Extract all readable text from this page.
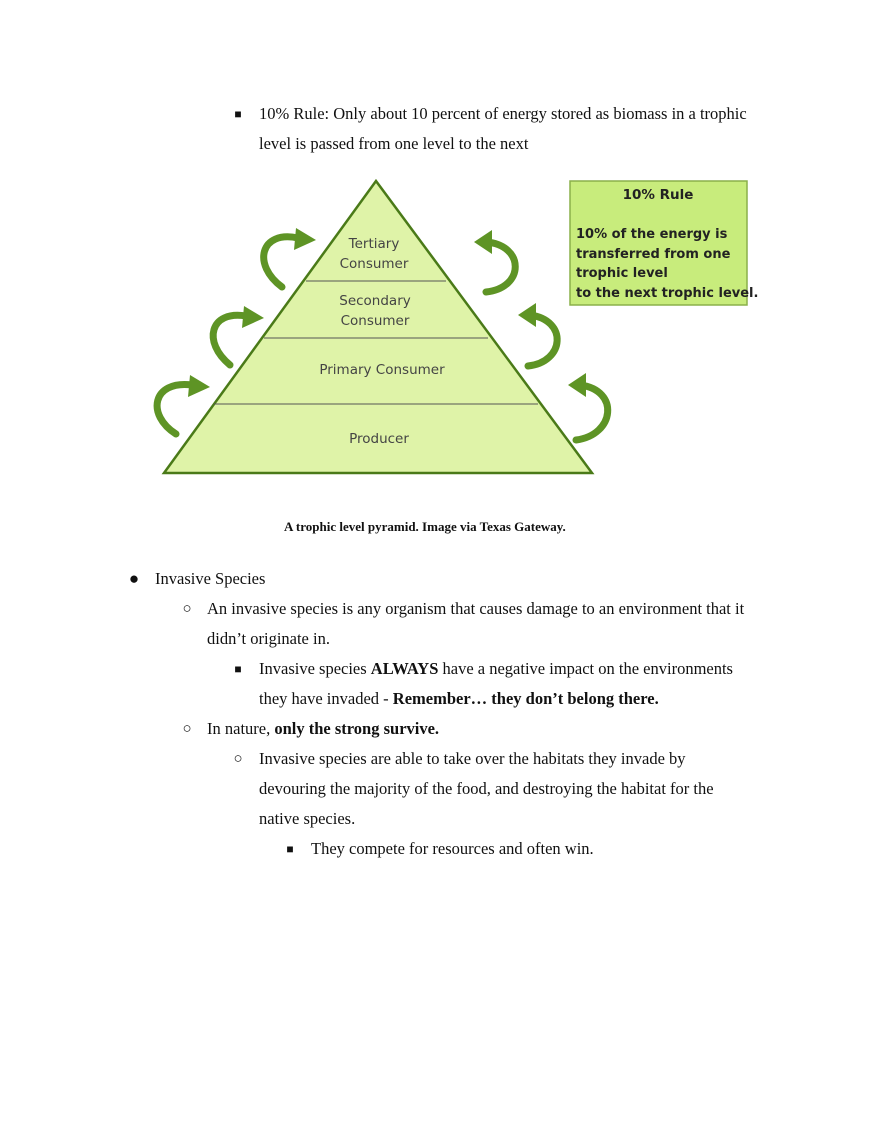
■	10% Rule: Only about 10 percent of energy stored as biomass in a trophic
level is passed from one level to the next
Tertiary
Consumer
Secondary
Consumer
Primary Consumer
Producer
10% Rule
10% of the energy is
transferred from one
trophic level
to the next trophic level.
A trophic level pyramid. Image via Texas Gateway.
● Invasive Species
○ An invasive species is any organism that causes damage to an environment that it
didn’t originate in.
■	Invasive species ALWAYS have a negative impact on the environments
they have invaded - Remember… they don’t belong there.
○ In nature, only the strong survive.
○ Invasive species are able to take over the habitats they invade by
devouring the majority of the food, and destroying the habitat for the
native species.
■	They compete for resources and often win.
